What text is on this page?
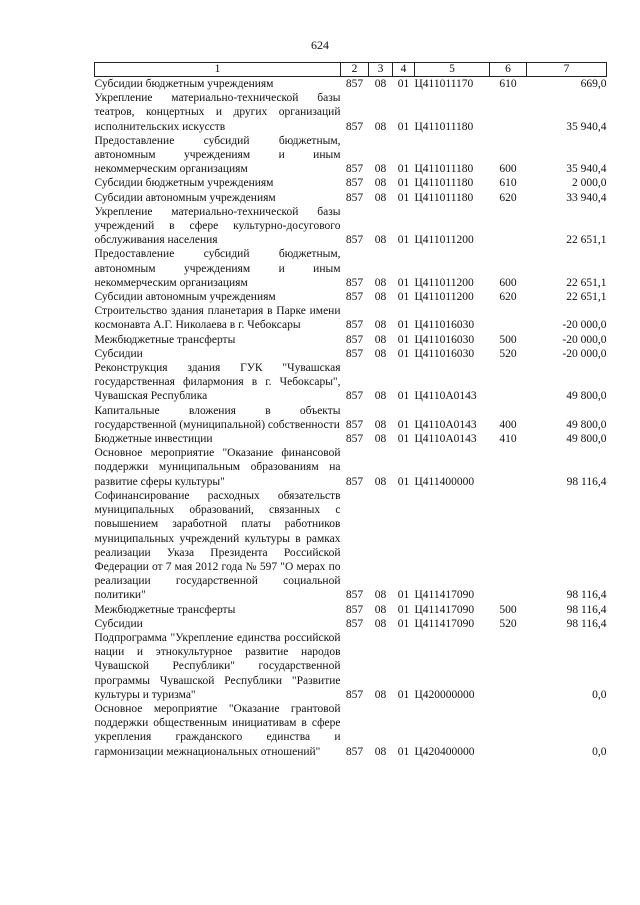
624
1	2	3	4	5	6	7
Субсидии бюджетным учреждениям	857	08	01	Ц411011170	610	669,0
Укрепление материально-технической базы театров, концертных и других организаций исполнительских искусств	857	08	01	Ц411011180		35 940,4
Предоставление субсидий бюджетным, автономным учреждениям и иным некоммерческим организациям	857	08	01	Ц411011180	600	35 940,4
Субсидии бюджетным учреждениям	857	08	01	Ц411011180	610	2 000,0
Субсидии автономным учреждениям	857	08	01	Ц411011180	620	33 940,4
Укрепление материально-технической базы учреждений в сфере культурно-досугового обслуживания населения	857	08	01	Ц411011200		22 651,1
Предоставление субсидий бюджетным, автономным учреждениям и иным некоммерческим организациям	857	08	01	Ц411011200	600	22 651,1
Субсидии автономным учреждениям	857	08	01	Ц411011200	620	22 651,1
Строительство здания планетария в Парке имени космонавта А.Г. Николаева в г. Чебоксары	857	08	01	Ц411016030		-20 000,0
Межбюджетные трансферты	857	08	01	Ц411016030	500	-20 000,0
Субсидии	857	08	01	Ц411016030	520	-20 000,0
Реконструкция здания ГУК "Чувашская государственная филармония в г. Чебоксары", Чувашская Республика	857	08	01	Ц4110А0143		49 800,0
Капитальные вложения в объекты государственной (муниципальной) собственности	857	08	01	Ц4110А0143	400	49 800,0
Бюджетные инвестиции	857	08	01	Ц4110А0143	410	49 800,0
Основное мероприятие "Оказание финансовой поддержки муниципальным образованиям на развитие сферы культуры"	857	08	01	Ц411400000		98 116,4
Софинансирование расходных обязательств муниципальных образований, связанных с повышением заработной платы работников муниципальных учреждений культуры в рамках реализации Указа Президента Российской Федерации от 7 мая 2012 года № 597 "О мерах по реализации государственной социальной политики"	857	08	01	Ц411417090		98 116,4
Межбюджетные трансферты	857	08	01	Ц411417090	500	98 116,4
Субсидии	857	08	01	Ц411417090	520	98 116,4
Подпрограмма "Укрепление единства российской нации и этнокультурное развитие народов Чувашской Республики" государственной программы Чувашской Республики "Развитие культуры и туризма"	857	08	01	Ц420000000		0,0
Основное мероприятие "Оказание грантовой поддержки общественным инициативам в сфере укрепления гражданского единства и гармонизации межнациональных отношений"	857	08	01	Ц420400000		0,0
